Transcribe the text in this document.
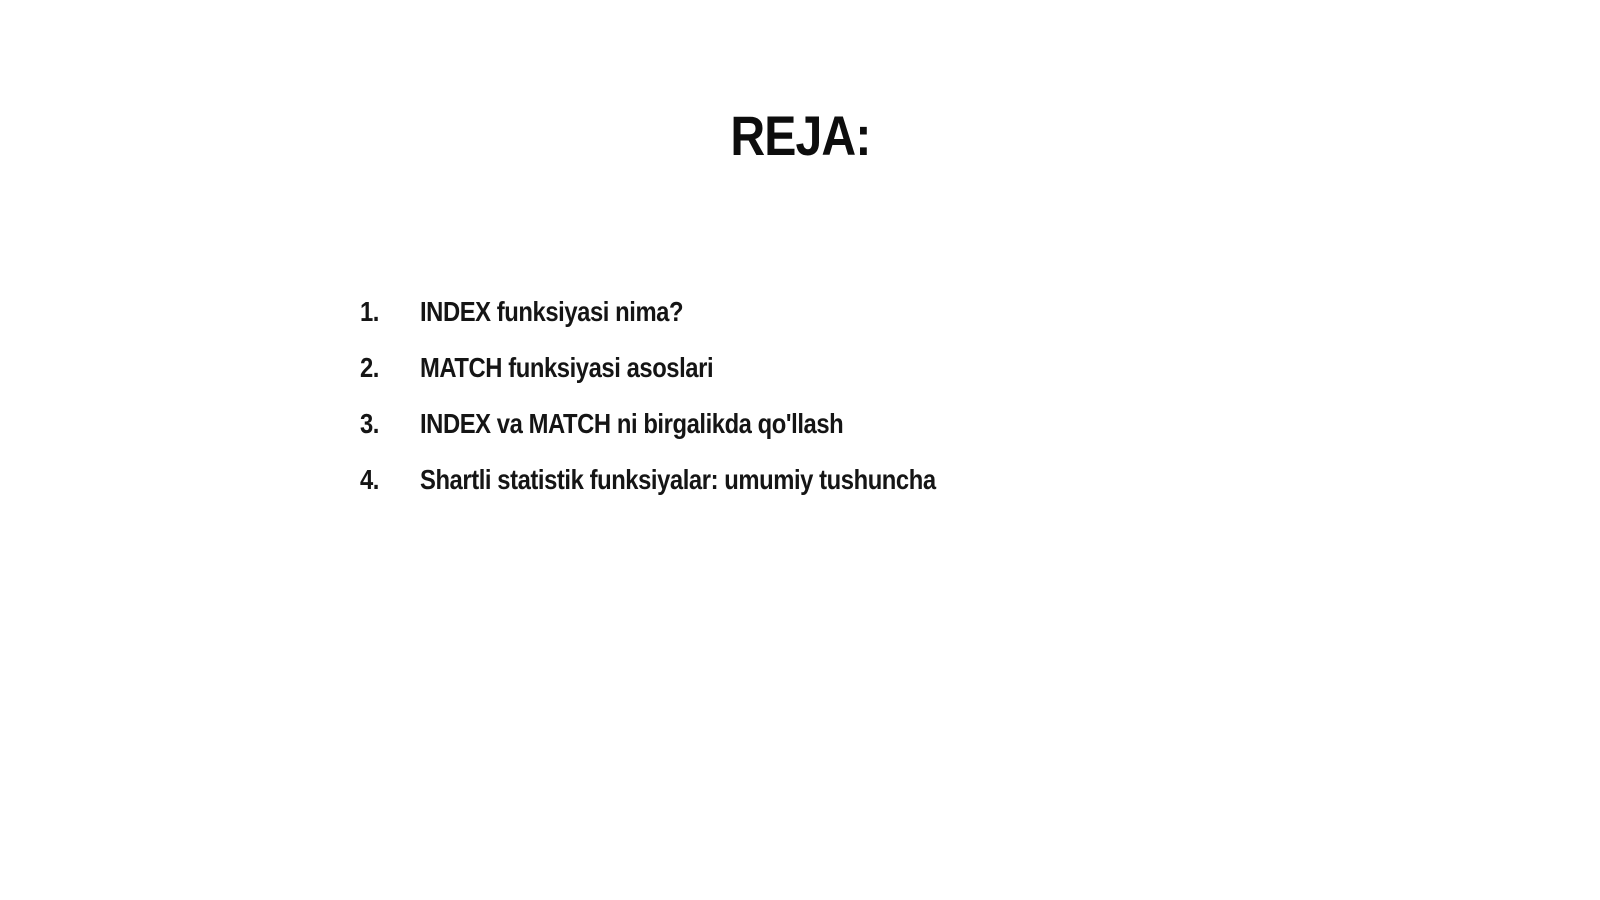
REJA:
1.	INDEX funksiyasi nima?
2.	MATCH funksiyasi asoslari
3.	INDEX va MATCH ni birgalikda qo'llash
4.	Shartli statistik funksiyalar: umumiy tushuncha
